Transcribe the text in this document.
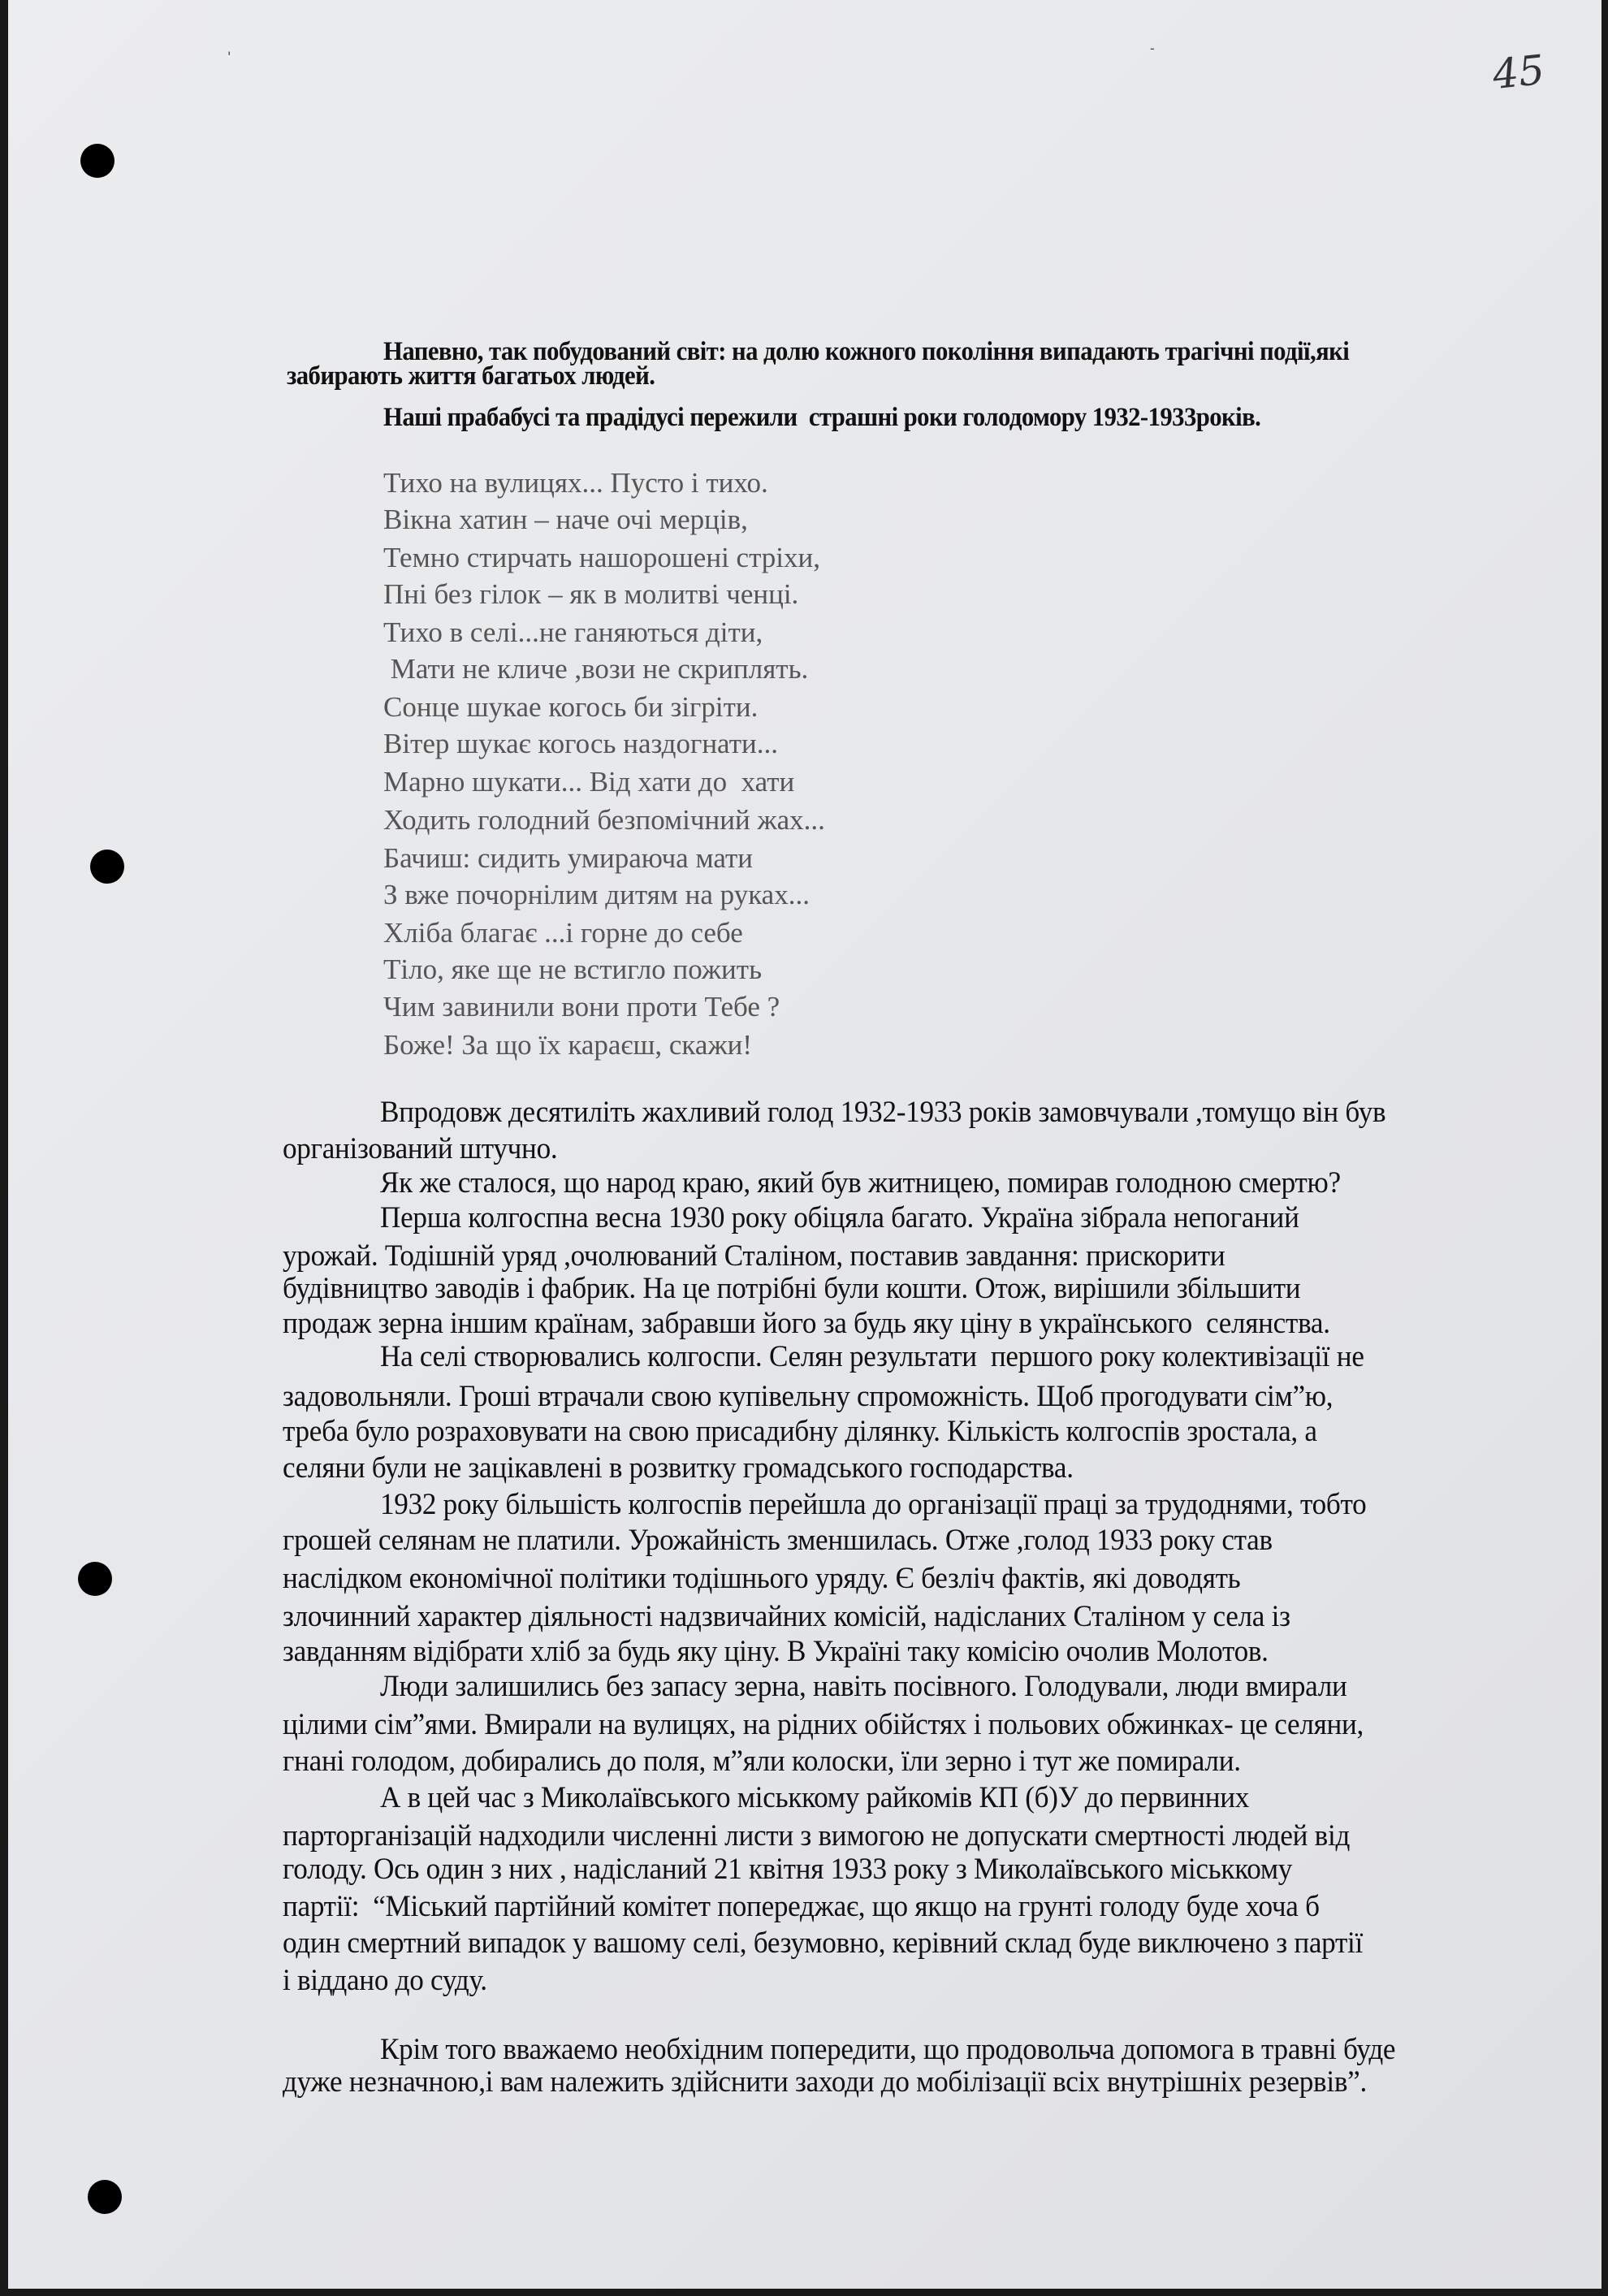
45
'
-
Напевно, так побудований світ: на долю кожного покоління випадають трагічні події,які
забирають життя багатьох людей.
Наші прабабусі та прадідусі пережили  страшні роки голодомору 1932-1933років.
Тихо на вулицях... Пусто і тихо.
Вікна хатин – наче очі мерців,
Темно стирчать нашорошені стріхи,
Пні без гілок – як в молитві ченці.
Тихо в селі...не ганяються діти,
Мати не кличе ,вози не скриплять.
Сонце шукае когось би зігріти.
Вітер шукає когось наздогнати...
Марно шукати... Від хати до  хати
Ходить голодний безпомічний жах...
Бачиш: сидить умираюча мати
З вже почорнілим дитям на руках...
Хліба благає ...і горне до себе
Тіло, яке ще не встигло пожить
Чим завинили вони проти Тебе ?
Боже! За що їх караєш, скажи!
Впродовж десятиліть жахливий голод 1932-1933 років замовчували ,томущо він був
організований штучно.
Як же сталося, що народ краю, який був житницею, помирав голодною смертю?
Перша колгоспна весна 1930 року обіцяла багато. Україна зібрала непоганий
урожай. Тодішній уряд ,очолюваний Сталіном, поставив завдання: прискорити
будівництво заводів і фабрик. На це потрібні були кошти. Отож, вирішили збільшити
продаж зерна іншим країнам, забравши його за будь яку ціну в українського  селянства.
На селі створювались колгоспи. Селян результати  першого року колективізації не
задовольняли. Гроші втрачали свою купівельну спроможність. Щоб прогодувати сім”ю,
треба було розраховувати на свою присадибну ділянку. Кількість колгоспів зростала, а
селяни були не зацікавлені в розвитку громадського господарства.
1932 року більшість колгоспів перейшла до організації праці за трудоднями, тобто
грошей селянам не платили. Урожайність зменшилась. Отже ,голод 1933 року став
наслідком економічної політики тодішнього уряду. Є безліч фактів, які доводять
злочинний характер діяльності надзвичайних комісій, надісланих Сталіном у села із
завданням відібрати хліб за будь яку ціну. В Україні таку комісію очолив Молотов.
Люди залишились без запасу зерна, навіть посівного. Голодували, люди вмирали
цілими сім”ями. Вмирали на вулицях, на рідних обійстях і польових обжинках- це селяни,
гнані голодом, добирались до поля, м”яли колоски, їли зерно і тут же помирали.
А в цей час з Миколаївського міськкому райкомів КП (б)У до первинних
парторганізацій надходили численні листи з вимогою не допускати смертності людей від
голоду. Ось один з них , надісланий 21 квітня 1933 року з Миколаївського міськкому
партії:  “Міський партійний комітет попереджає, що якщо на грунті голоду буде хоча б
один смертний випадок у вашому селі, безумовно, керівний склад буде виключено з партії
і віддано до суду.
Крім того вважаемо необхідним попередити, що продовольча допомога в травні буде
дуже незначною,і вам належить здійснити заходи до мобілізації всіх внутрішніх резервів”.
